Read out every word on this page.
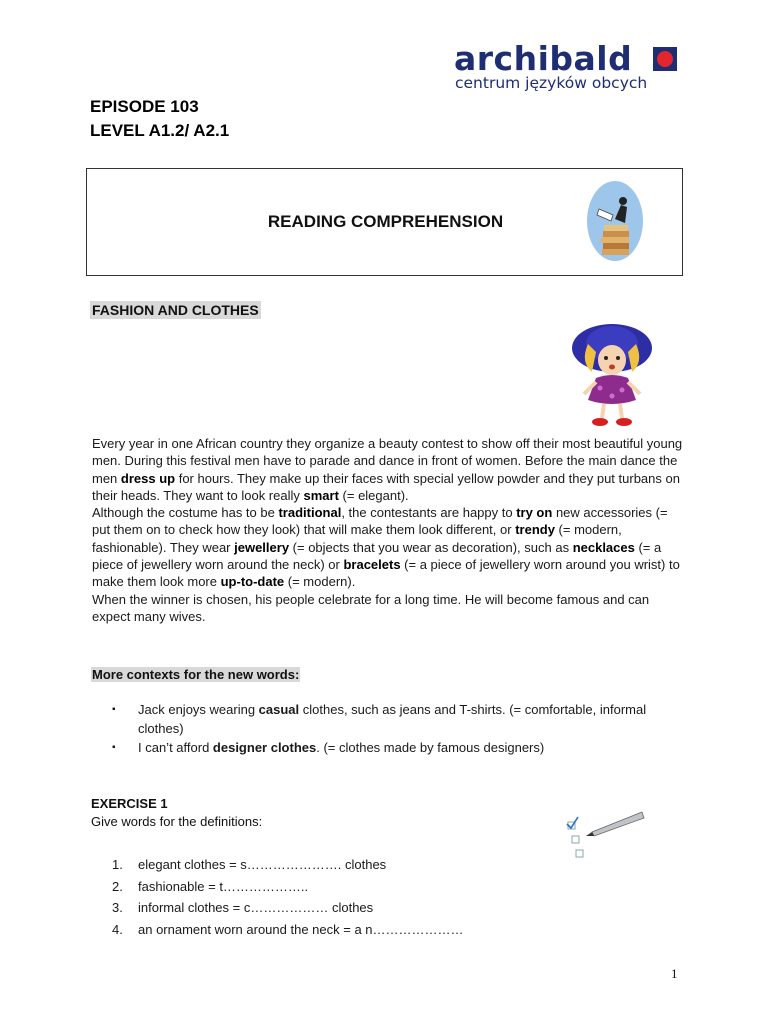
archibald
centrum języków obcych
EPISODE 103
LEVEL A1.2/ A2.1
READING COMPREHENSION
FASHION AND CLOTHES

Every year in one African country they organize a beauty contest to show off their most beautiful young men. During this festival men have to parade and dance in front of women. Before the main dance the men dress up for hours. They make up their faces with special yellow powder and they put turbans on their heads. They want to look really smart (= elegant).

Although the costume has to be traditional, the contestants are happy to try on new accessories (= put them on to check how they look) that will make them look different, or trendy (= modern, fashionable). They wear jewellery (= objects that you wear as decoration), such as necklaces (= a piece of jewellery worn around the neck) or bracelets (= a piece of jewellery worn around you wrist) to make them look more up-to-date (= modern).

When the winner is chosen, his people celebrate for a long time. He will become famous and can expect many wives.

More contexts for the new words:
▪ Jack enjoys wearing casual clothes, such as jeans and T-shirts. (= comfortable, informal clothes)
▪ I can’t afford designer clothes. (= clothes made by famous designers)
EXERCISE 1
Give words for the definitions:
1.	elegant clothes = s…………………. clothes
2.	fashionable = t………………..
3.	informal clothes = c……………… clothes
4.	an ornament worn around the neck = a n…………………
1
